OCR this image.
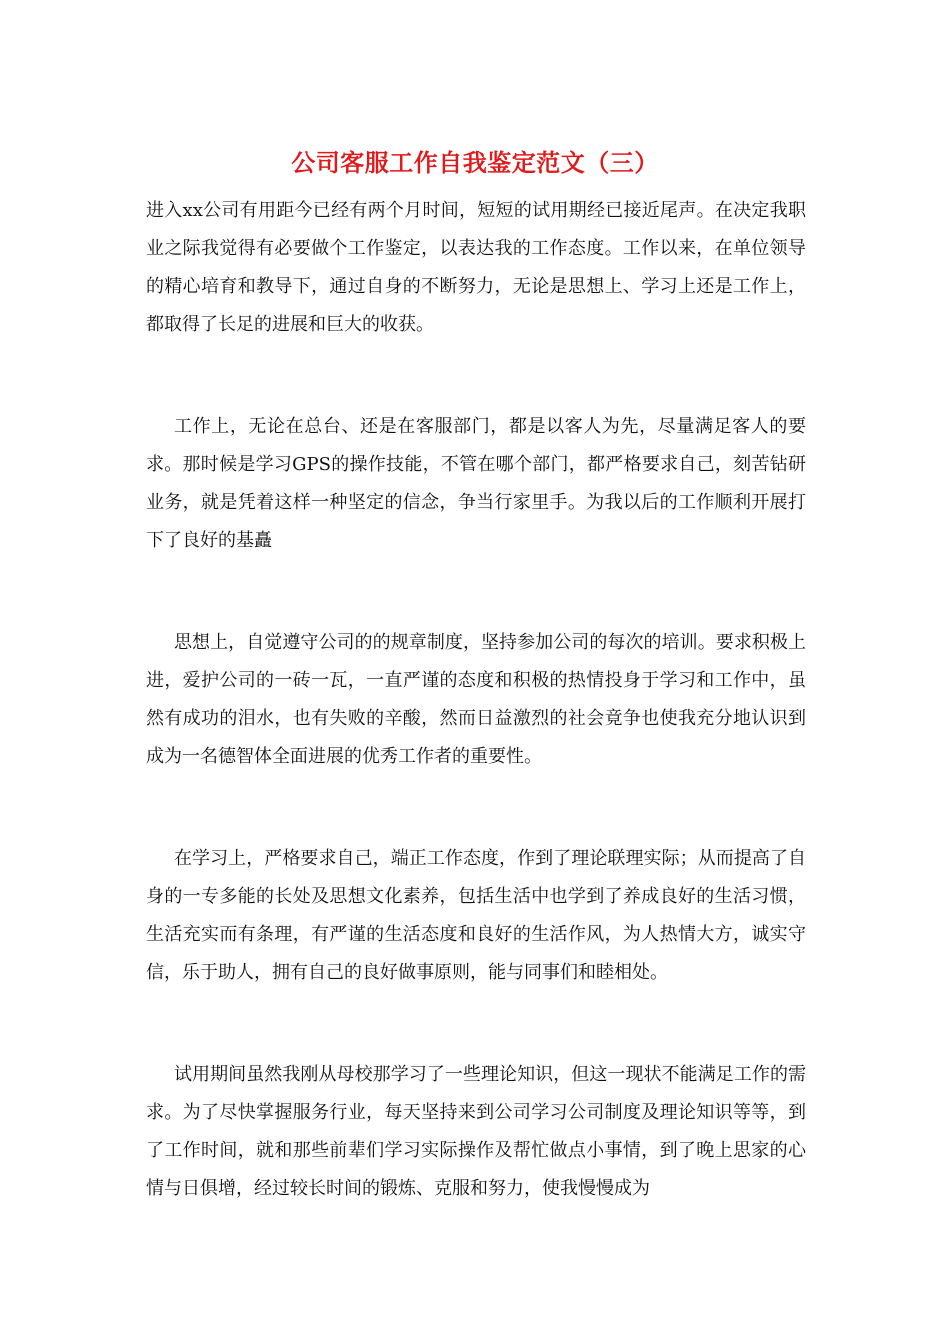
公司客服工作自我鉴定范文（三）

进入xx公司有用距今已经有两个月时间，短短的试用期经已接近尾声。在决定我职业之际我觉得有必要做个工作鉴定，以表达我的工作态度。工作以来，在单位领导的精心培育和教导下，通过自身的不断努力，无论是思想上、学习上还是工作上，都取得了长足的进展和巨大的收获。

工作上，无论在总台、还是在客服部门，都是以客人为先，尽量满足客人的要求。那时候是学习GPS的操作技能，不管在哪个部门，都严格要求自己，刻苦钻研业务，就是凭着这样一种坚定的信念，争当行家里手。为我以后的工作顺利开展打下了良好的基矗

思想上，自觉遵守公司的的规章制度，坚持参加公司的每次的培训。要求积极上进，爱护公司的一砖一瓦，一直严谨的态度和积极的热情投身于学习和工作中，虽然有成功的泪水，也有失败的辛酸，然而日益激烈的社会竟争也使我充分地认识到成为一名德智体全面进展的优秀工作者的重要性。

在学习上，严格要求自己，端正工作态度，作到了理论联理实际；从而提高了自身的一专多能的长处及思想文化素养，包括生活中也学到了养成良好的生活习惯，生活充实而有条理，有严谨的生活态度和良好的生活作风，为人热情大方，诚实守信，乐于助人，拥有自己的良好做事原则，能与同事们和睦相处。

试用期间虽然我刚从母校那学习了一些理论知识，但这一现状不能满足工作的需求。为了尽快掌握服务行业，每天坚持来到公司学习公司制度及理论知识等等，到了工作时间，就和那些前辈们学习实际操作及帮忙做点小事情，到了晚上思家的心情与日俱增，经过较长时间的锻炼、克服和努力，使我慢慢成为
